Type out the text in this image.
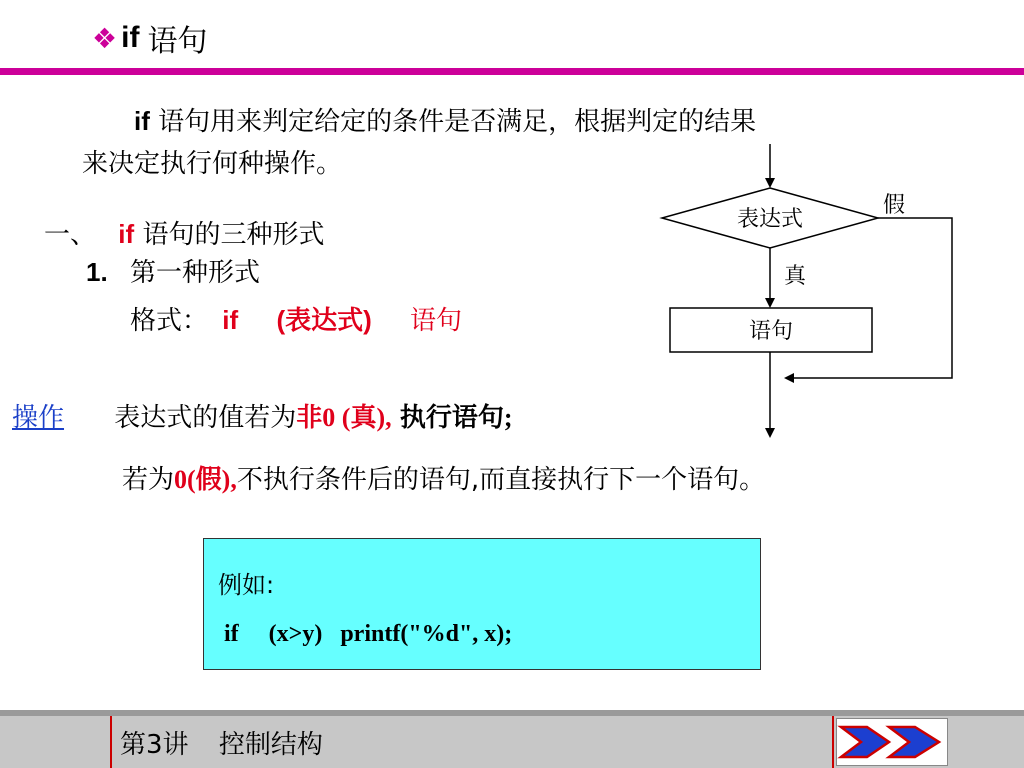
❖ if 语句
if 语句用来判定给定的条件是否满足，根据判定的结果
来决定执行何种操作。
一、 if 语句的三种形式
1. 第一种形式
格式： if (表达式) 语句
操作 表达式的值若为非0 (真), 执行语句;
若为0(假),不执行条件后的语句,而直接执行下一个语句。
例如:
if     (x>y)   printf("%d", x);
表达式
假
真
语句
第3讲 控制结构
